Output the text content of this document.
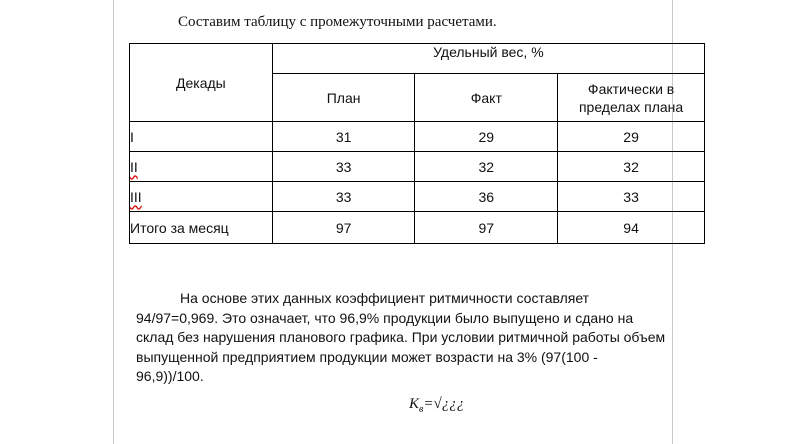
Составим таблицу с промежуточными расчетами.
Декады	Удельный вес, %		
	План	Факт	Фактически в
пределах плана
I	31	29	29
II	33	32	32
III	33	36	33
Итого за месяц	97	97	94

На основе этих данных коэффициент ритмичности составляет 94/97=0,969. Это означает, что 96,9% продукции было выпущено и сдано на склад без нарушения планового графика. При условии ритмичной работы объем выпущенной предприятием продукции может возрасти на 3% (97(100 - 96,9))/100.

$K_в=√¿¿¿$
